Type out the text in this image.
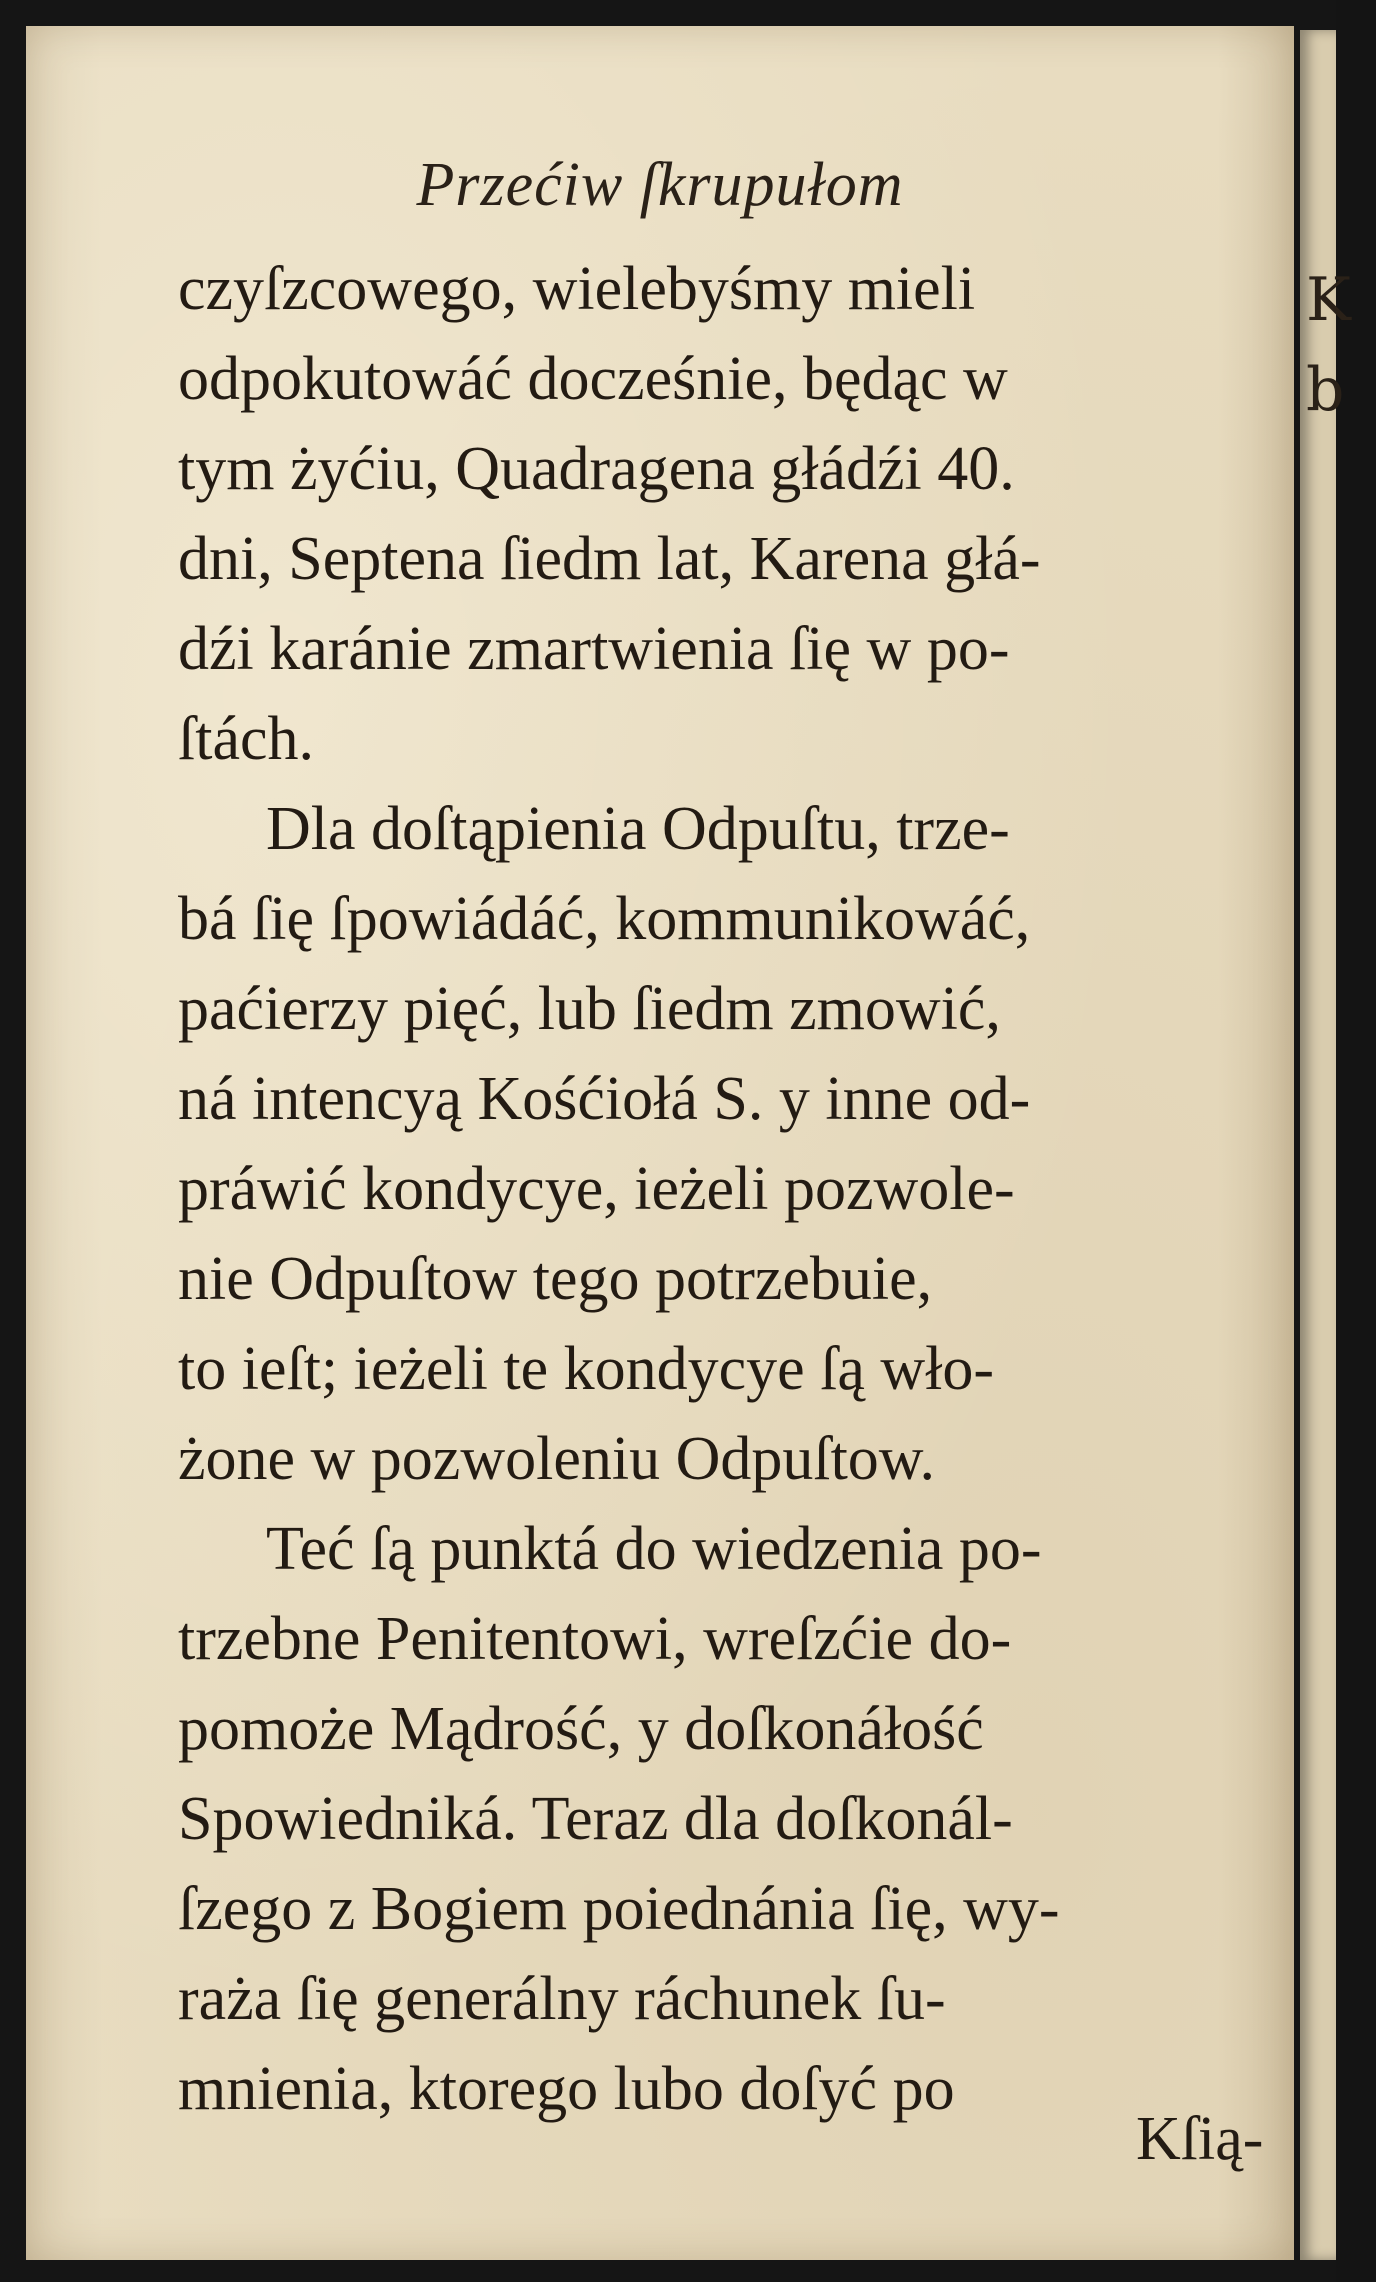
Przećiw ſkrupułom
czyſzcowego, wielebyśmy mieli
odpokutowáć docześnie, będąc w
tym żyćiu, Quadragena głádźi 40.
dni, Septena ſiedm lat, Karena głá-
dźi karánie zmartwienia ſię w po-
ſtách.
Dla doſtąpienia Odpuſtu, trze-
bá ſię ſpowiádáć, kommunikowáć,
paćierzy pięć, lub ſiedm zmowić,
ná intencyą Kośćiołá S. y inne od-
práwić kondycye, ieżeli pozwole-
nie Odpuſtow tego potrzebuie,
to ieſt; ieżeli te kondycye ſą wło-
żone w pozwoleniu Odpuſtow.
Teć ſą punktá do wiedzenia po-
trzebne Penitentowi, wreſzćie do-
pomoże Mądrość, y doſkonáłość
Spowiedniká. Teraz dla doſkonál-
ſzego z Bogiem poiednánia ſię, wy-
raża ſię generálny ráchunek ſu-
mnienia, ktorego lubo doſyć po
Kſią-
K
b
